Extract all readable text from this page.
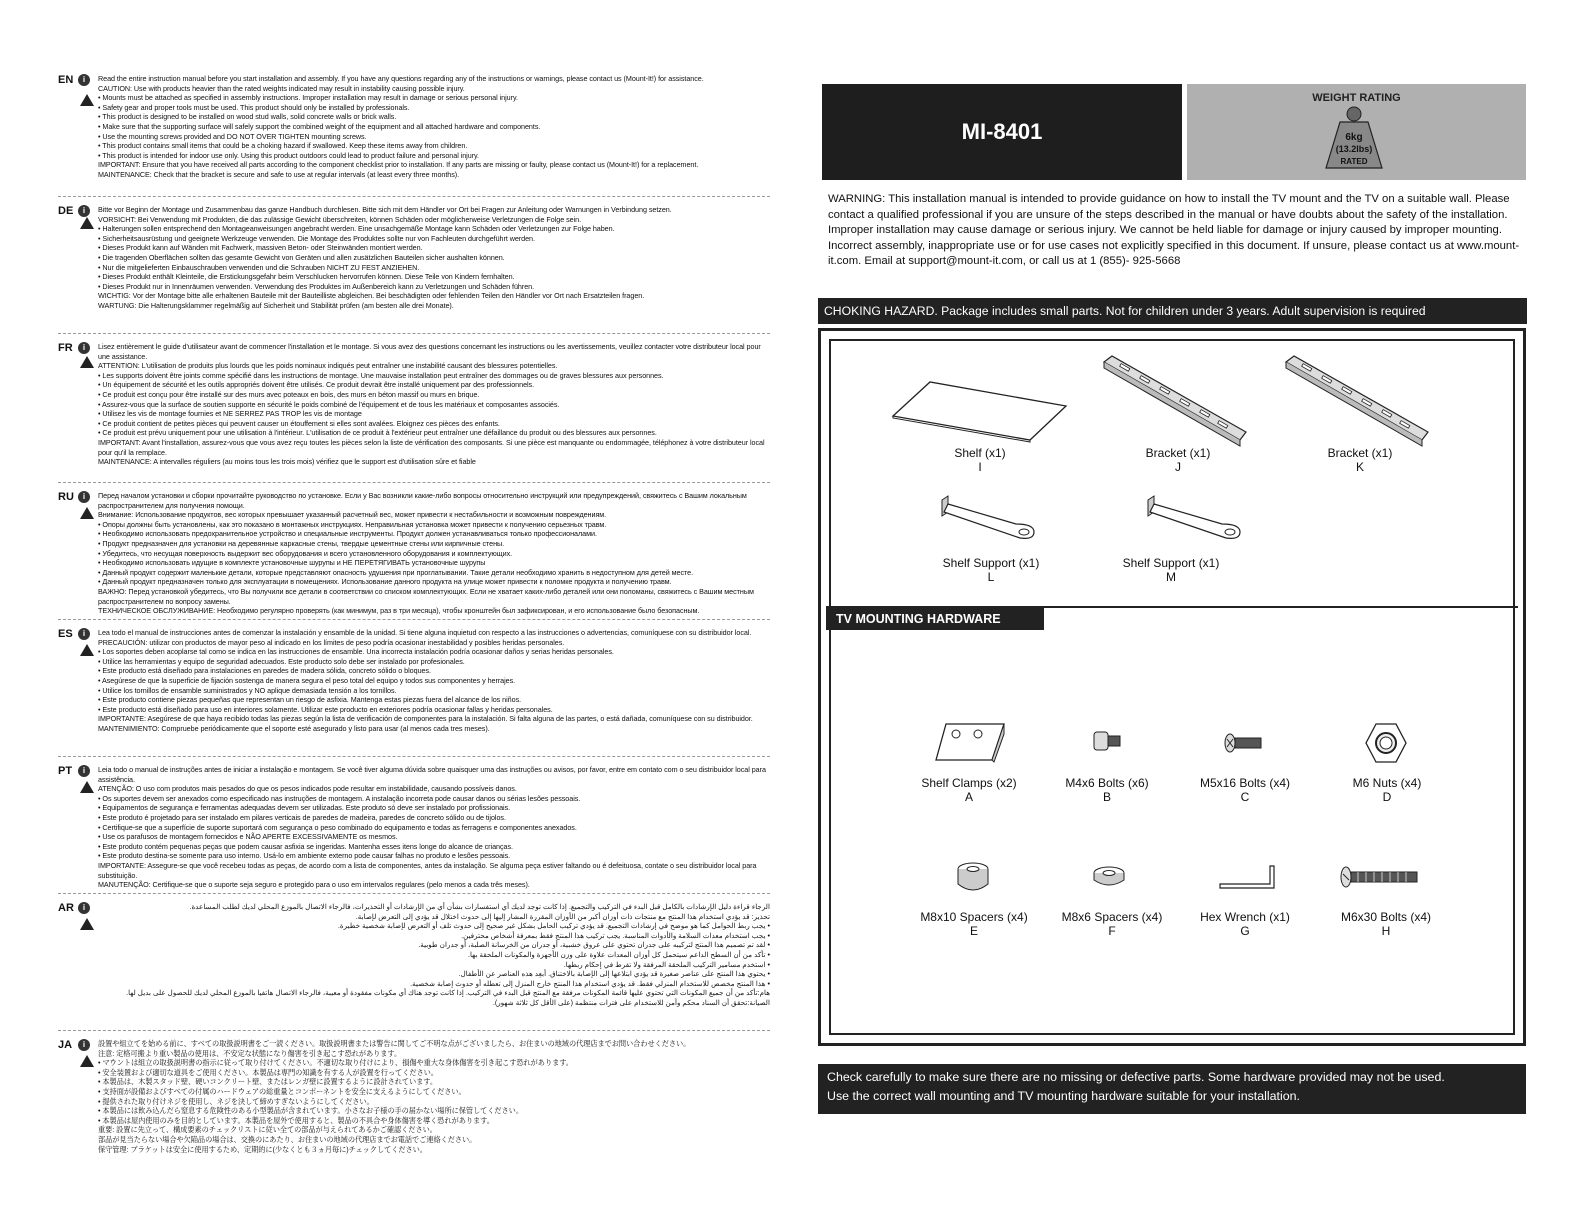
EN	i	Read the entire instruction manual before you start installation and assembly. If you have any questions regarding any of the instructions or warnings, please contact us (Mount-It!) for assistance.

CAUTION: Use with products heavier than the rated weights indicated may result in instability causing possible injury.

• Mounts must be attached as specified in assembly instructions. Improper installation may result in damage or serious personal injury.

• Safety gear and proper tools must be used. This product should only be installed by professionals.

• This product is designed to be installed on wood stud walls, solid concrete walls or brick walls.

• Make sure that the supporting surface will safely support the combined weight of the equipment and all attached hardware and components.

• Use the mounting screws provided and DO NOT OVER TIGHTEN mounting screws.

• This product contains small items that could be a choking hazard if swallowed. Keep these items away from children.

• This product is intended for indoor use only. Using this product outdoors could lead to product failure and personal injury.

IMPORTANT: Ensure that you have received all parts according to the component checklist prior to installation. If any parts are missing or faulty, please contact us (Mount-It!) for a replacement.

MAINTENANCE: Check that the bracket is secure and safe to use at regular intervals (at least every three months).

DE	i	Bitte vor Beginn der Montage und Zusammenbau das ganze Handbuch durchlesen. Bitte sich mit dem Händler vor Ort bei Fragen zur Anleitung oder Warnungen in Verbindung setzen.

VORSICHT: Bei Verwendung mit Produkten, die das zulässige Gewicht überschreiten, können Schäden oder möglicherweise Verletzungen die Folge sein.

• Halterungen sollen entsprechend den Montageanweisungen angebracht werden. Eine unsachgemäße Montage kann Schäden oder Verletzungen zur Folge haben.

• Sicherheitsausrüstung und geeignete Werkzeuge verwenden. Die Montage des Produktes sollte nur von Fachleuten durchgeführt werden.

• Dieses Produkt kann auf Wänden mit Fachwerk, massiven Beton- oder Steinwänden montiert werden.

• Die tragenden Oberflächen sollten das gesamte Gewicht von Geräten und allen zusätzlichen Bauteilen sicher aushalten können.

• Nur die mitgelieferten Einbauschrauben verwenden und die Schrauben NICHT ZU FEST ANZIEHEN.

• Dieses Produkt enthält Kleinteile, die Erstickungsgefahr beim Verschlucken hervorrufen können. Diese Teile von Kindern fernhalten.

• Dieses Produkt nur in Innenräumen verwenden. Verwendung des Produktes im Außenbereich kann zu Verletzungen und Schäden führen.

WICHTIG: Vor der Montage bitte alle erhaltenen Bauteile mit der Bauteilliste abgleichen. Bei beschädigten oder fehlenden Teilen den Händler vor Ort nach Ersatzteilen fragen.

WARTUNG: Die Halterungsklammer regelmäßig auf Sicherheit und Stabilität prüfen (am besten alle drei Monate).

FR	i	Lisez entièrement le guide d'utilisateur avant de commencer l'installation et le montage. Si vous avez des questions concernant les instructions ou les avertissements, veuillez contacter votre distributeur local pour une assistance.

ATTENTION: L'utilisation de produits plus lourds que les poids nominaux indiqués peut entraîner une instabilité causant des blessures potentielles.

• Les supports doivent être joints comme spécifié dans les instructions de montage. Une mauvaise installation peut entraîner des dommages ou de graves blessures aux personnes.

• Un équipement de sécurité et les outils appropriés doivent être utilisés. Ce produit devrait être installé uniquement par des professionnels.

• Ce produit est conçu pour être installé sur des murs avec poteaux en bois, des murs en béton massif ou murs en brique.

• Assurez-vous que la surface de soutien supporte en sécurité le poids combiné de l'équipement et de tous les matériaux et composantes associés.

• Utilisez les vis de montage fournies et NE SERREZ PAS TROP les vis de montage

• Ce produit contient de petites pièces qui peuvent causer un étouffement si elles sont avalées. Eloignez ces pièces des enfants.

• Ce produit est prévu uniquement pour une utilisation à l'intérieur. L'utilisation de ce produit à l'extérieur peut entraîner une défaillance du produit ou des blessures aux personnes.

IMPORTANT: Avant l'installation, assurez-vous que vous avez reçu toutes les pièces selon la liste de vérification des composants. Si une pièce est manquante ou endommagée, téléphonez à votre distributeur local pour qu'il la remplace.

MAINTENANCE: A intervalles réguliers (au moins tous les trois mois) vérifiez que le support est d'utilisation sûre et fiable

RU	i	Перед началом установки и сборки прочитайте руководство по установке. Если у Вас возникли какие-либо вопросы относительно инструкций или предупреждений, свяжитесь с Вашим локальным распространителем для получения помощи.

Внимание: Использование продуктов, вес которых превышает указанный расчетный вес, может привести к нестабильности и возможным повреждениям.

• Опоры должны быть установлены, как это показано в монтажных инструкциях. Неправильная установка может привести к получению серьезных травм.

• Необходимо использовать предохранительное устройство и специальные инструменты. Продукт должен устанавливаться только профессионалами.

• Продукт предназначен для установки на деревянные каркасные стены, твердые цементные стены или кирпичные стены.

• Убедитесь, что несущая поверхность выдержит вес оборудования и всего установленного оборудования и комплектующих.

• Необходимо использовать идущие в комплекте установочные шурупы и НЕ ПЕРЕТЯГИВАТЬ установочные шурупы

• Данный продукт содержит маленькие детали, которые представляют опасность удушения при проглатывании. Такие детали необходимо хранить в недоступном для детей месте.

• Данный продукт предназначен только для эксплуатации в помещениях. Использование данного продукта на улице может привести к поломке продукта и получению травм.

ВАЖНО: Перед установкой убедитесь, что Вы получили все детали в соответствии со списком комплектующих. Если не хватает каких-либо деталей или они поломаны, свяжитесь с Вашим местным распространителем по вопросу замены.

ТЕХНИЧЕСКОЕ ОБСЛУЖИВАНИЕ: Необходимо регулярно проверять (как минимум, раз в три месяца), чтобы кронштейн был зафиксирован, и его использование было безопасным.

ES	i	Lea todo el manual de instrucciones antes de comenzar la instalación y ensamble de la unidad. Si tiene alguna inquietud con respecto a las instrucciones o advertencias, comuníquese con su distribuidor local.

PRECAUCIÓN: utilizar con productos de mayor peso al indicado en los límites de peso podría ocasionar inestabilidad y posibles heridas personales.

• Los soportes deben acoplarse tal como se indica en las instrucciones de ensamble. Una incorrecta instalación podría ocasionar daños y serias heridas personales.

• Utilice las herramientas y equipo de seguridad adecuados. Este producto solo debe ser instalado por profesionales.

• Este producto está diseñado para instalaciones en paredes de madera sólida, concreto sólido o bloques.

• Asegúrese de que la superficie de fijación sostenga de manera segura el peso total del equipo y todos sus componentes y herrajes.

• Utilice los tornillos de ensamble suministrados y NO aplique demasiada tensión a los tornillos.

• Este producto contiene piezas pequeñas que representan un riesgo de asfixia. Mantenga estas piezas fuera del alcance de los niños.

• Este producto está diseñado para uso en interiores solamente. Utilizar este producto en exteriores podría ocasionar fallas y heridas personales.

IMPORTANTE: Asegúrese de que haya recibido todas las piezas según la lista de verificación de componentes para la instalación. Si falta alguna de las partes, o está dañada, comuníquese con su distribuidor.

MANTENIMIENTO: Compruebe periódicamente que el soporte esté asegurado y listo para usar (al menos cada tres meses).

PT	i	Leia todo o manual de instruções antes de iniciar a instalação e montagem. Se você tiver alguma dúvida sobre quaisquer uma das instruções ou avisos, por favor, entre em contato com o seu distribuidor local para assistência.

ATENÇÃO: O uso com produtos mais pesados do que os pesos indicados pode resultar em instabilidade, causando possíveis danos.

• Os suportes devem ser anexados como especificado nas instruções de montagem. A instalação incorreta pode causar danos ou sérias lesões pessoais.

• Equipamentos de segurança e ferramentas adequadas devem ser utilizadas. Este produto só deve ser instalado por profissionais.

• Este produto é projetado para ser instalado em pilares verticais de paredes de madeira, paredes de concreto sólido ou de tijolos.

• Certifique-se que a superfície de suporte suportará com segurança o peso combinado do equipamento e todas as ferragens e componentes anexados.

• Use os parafusos de montagem fornecidos e NÃO APERTE EXCESSIVAMENTE os mesmos.

• Este produto contém pequenas peças que podem causar asfixia se ingeridas. Mantenha esses itens longe do alcance de crianças.

• Este produto destina-se somente para uso interno. Usá-lo em ambiente externo pode causar falhas no produto e lesões pessoais.

IMPORTANTE: Assegure-se que você recebeu todas as peças, de acordo com a lista de componentes, antes da instalação. Se alguma peça estiver faltando ou é defeituosa, contate o seu distribuidor local para substituição.

MANUTENÇÃO: Certifique-se que o suporte seja seguro e protegido para o uso em intervalos regulares (pelo menos a cada três meses).

AR	i	الرجاء قراءة دليل الإرشادات بالكامل قبل البدء في التركيب والتجميع. إذا كانت توجد لديك أي استفسارات بشأن أي من الإرشادات أو التحذيرات، فالرجاء الاتصال بالموزع المحلي لديك لطلب المساعدة.

تحذير: قد يؤدي استخدام هذا المنتج مع منتجات ذات أوزان أكبر من الأوزان المقررة المشار إليها إلى حدوث اختلال قد يؤدي إلى التعرض لإصابة.

• يجب ربط الحوامل كما هو موضح في إرشادات التجميع. قد يؤدي تركيب الحامل بشكل غير صحيح إلى حدوث تلف أو التعرض لإصابة شخصية خطيرة.

• يجب استخدام معدات السلامة والأدوات المناسبة. يجب تركيب هذا المنتج فقط بمعرفة أشخاص محترفين.

• لقد تم تصميم هذا المنتج لتركيبه على جدران تحتوي على عروق خشبية، أو جدران من الخرسانة الصلبة، أو جدران طوبية.

• تأكد من أن السطح الداعم سيتحمل كل أوزان المعدات علاوة على وزن الأجهزة والمكونات الملحقة بها.

• استخدم مسامير التركيب الملحقة المرفقة ولا تفرط في إحكام ربطها.

• يحتوي هذا المنتج على عناصر صغيرة قد يؤدي ابتلاعها إلى الإصابة بالاختناق. أبعِد هذه العناصر عن الأطفال.

• هذا المنتج مخصص للاستخدام المنزلي فقط. قد يؤدي استخدام هذا المنتج خارج المنزل إلى تعطله أو حدوث إصابة شخصية.

هام:تأكد من أن جميع المكونات التي تحتوي عليها قائمة المكونات مرفقة مع المنتج قبل البدء في التركيب. إذا كانت توجد هناك أي مكونات مفقودة أو معيبة، فالرجاء الاتصال هاتفيا بالموزع المحلي لديك للحصول على بديل لها.

الصيانة:تحقق أن السناد محكم وآمن للاستخدام على فترات منتظمة (على الأقل كل ثلاثة شهور).

JA	i	設置や組立てを始める前に、すべての取扱説明書をご一読ください。取扱説明書または警告に関してご不明な点がございましたら、お住まいの地域の代理店までお問い合わせください。

注意: 定格可搬より重い製品の使用は、不安定な状態になり傷害を引き起こす恐れがあります。

• マウントは組立の取扱説明書の指示に従って取り付けてください。不適切な取り付けにより、損傷や重大な身体傷害を引き起こす恐れがあります。

• 安全装置および適切な道具をご使用ください。本製品は専門の知識を有する人が設置を行ってください。

• 本製品は、木製スタッド壁、硬いコンクリート壁、またはレンガ壁に設置するように設計されています。

• 支持面が設備およびすべての付属のハードウェアの総重量とコンポーネントを安全に支えるようにしてください。

• 提供された取り付けネジを使用し、ネジを決して締めすぎないようにしてください。

• 本製品には飲み込んだら窒息する危険性のある小型製品が含まれています。小さなお子様の手の届かない場所に保管してください。

• 本製品は屋内使用のみを目的としています。本製品を屋外で使用すると、製品の不具合や身体傷害を導く恐れがあります。

重要: 設置に先立って、構成要素のチェックリストに従い全ての部品が与えられてあるかご確認ください。

部品が見当たらない場合や欠陥品の場合は、交換のにあたり、お住まいの地域の代理店までお電話でご連絡ください。

保守管理: ブラケットは安全に使用するため、定期的に(少なくとも３ヵ月毎に)チェックしてください。

MI-8401
WEIGHT RATING
6kg
(13.2lbs)
RATED
WARNING: This installation manual is intended to provide guidance on how to install the TV mount and the TV on a suitable wall. Please contact a qualified professional if you are unsure of the steps described in the manual or have doubts about the safety of the installation. Improper installation may cause damage or serious injury. We cannot be held liable for damage or injury caused by improper mounting. Incorrect assembly, inappropriate use or for use cases not explicitly specified in this document. If unsure, please contact us at www.mount-it.com. Email at support@mount-it.com, or call us at 1 (855)- 925-5668
CHOKING HAZARD. Package includes small parts. Not for children under 3 years. Adult supervision is required
Shelf (x1)
I
Bracket (x1)
J
Bracket (x1)
K
Shelf Support (x1)
L
Shelf Support (x1)
M
TV MOUNTING HARDWARE
Shelf Clamps (x2)
A
M4x6 Bolts (x6)
B
M5x16 Bolts (x4)
C
M6 Nuts (x4)
D
M8x10 Spacers (x4)
E
M8x6 Spacers (x4)
F
Hex Wrench (x1)
G
M6x30 Bolts (x4)
H
Check carefully to make sure there are no missing or defective parts. Some hardware provided may not be used.
Use the correct wall mounting and TV mounting hardware suitable for your installation.
